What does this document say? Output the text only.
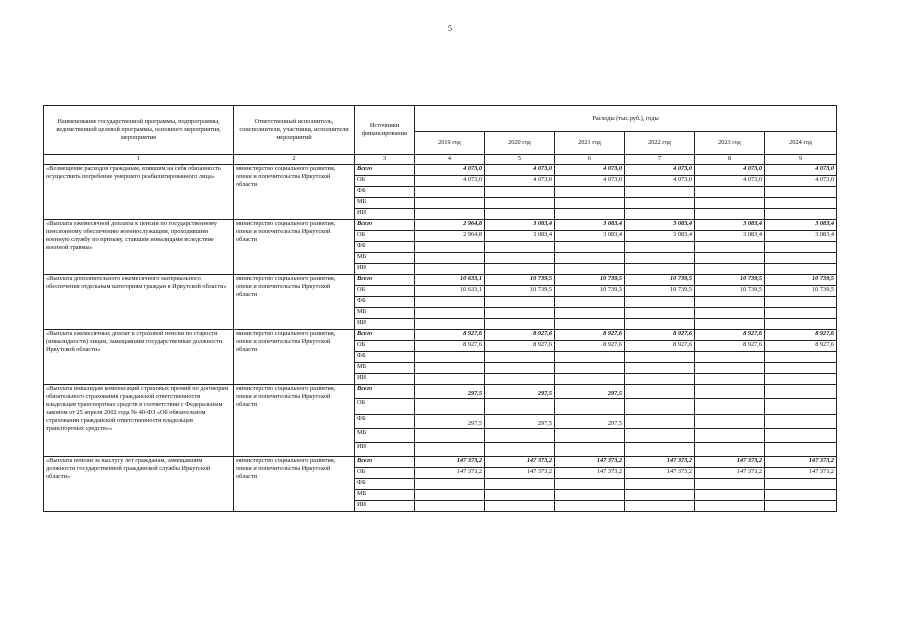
5
Наименование государственной программы, подпрограммы, ведомственной целевой программы, основного мероприятия, мероприятия	Ответственный исполнитель, соисполнители, участники, исполнители мероприятий	Источники финансирования	Расходы (тыс.руб.), годы					
			2019 год	2020 год	2021 год	2022 год	2023 год	2024 год
1	2	3	4	5	6	7	8	9
«Возмещение расходов гражданам, взявшим на себя обязанность осуществить погребение умершего реабилитированного лица»	министерство социального развития, опеки и попечительства Иркутской области	Всего	4 073,0	4 073,0	4 073,0	4 073,0	4 073,0	4 073,0
		ОБ	4 073,0	4 073,0	4 073,0	4 073,0	4 073,0	4 073,0
		ФБ						
		МБ						
		ИИ						
«Выплата ежемесячной доплаты к пенсии по государственному пенсионному обеспечению военнослужащим, проходившим военную службу по призыву, ставшим инвалидами вследствие военной травмы»	министерство социального развития, опеки и попечительства Иркутской области	Всего	2 964,8	3 083,4	3 083,4	3 083,4	3 083,4	3 083,4
		ОБ	2 964,8	3 083,4	3 083,4	3 083,4	3 083,4	3 083,4
		ФБ						
		МБ						
		ИИ						
«Выплата дополнительного ежемесячного материального обеспечения отдельным категориям граждан в Иркутской области»	министерство социального развития, опеки и попечительства Иркутской области	Всего	10 633,1	10 739,5	10 739,5	10 739,5	10 739,5	10 739,5
		ОБ	10 633,1	10 739,5	10 739,5	10 739,5	10 739,5	10 739,5
		ФБ						
		МБ						
		ИИ						
«Выплата ежемесячных доплат к страховой пенсии по старости (инвалидности) лицам, замещавшим государственные должности Иркутской области»	министерство социального развития, опеки и попечительства Иркутской области	Всего	8 927,6	8 927,6	8 927,6	8 927,6	8 927,6	8 927,6
		ОБ	8 927,6	8 927,6	8 927,6	8 927,6	8 927,6	8 927,6
		ФБ						
		МБ						
		ИИ						
«Выплата инвалидам компенсаций страховых премий по договорам обязательного страхования гражданской ответственности владельцев транспортных средств в соответствии с Федеральным законом от 25 апреля 2002 года № 40-ФЗ «Об обязательном страховании гражданской ответственности владельцев транспортных средств»»	министерство социального развития, опеки и попечительства Иркутской области	Всего	297,5	297,5	297,5			
		ОБ						
		ФБ	297,5	297,5	297,5			
		МБ						
		ИИ						
«Выплата пенсии за выслугу лет гражданам, замещавшим должности государственной гражданской службы Иркутской области»	министерство социального развития, опеки и попечительства Иркутской области	Всего	147 373,2	147 373,2	147 373,2	147 373,2	147 373,2	147 373,2
		ОБ	147 373,2	147 373,2	147 373,2	147 373,2	147 373,2	147 373,2
		ФБ						
		МБ						
		ИИ						
